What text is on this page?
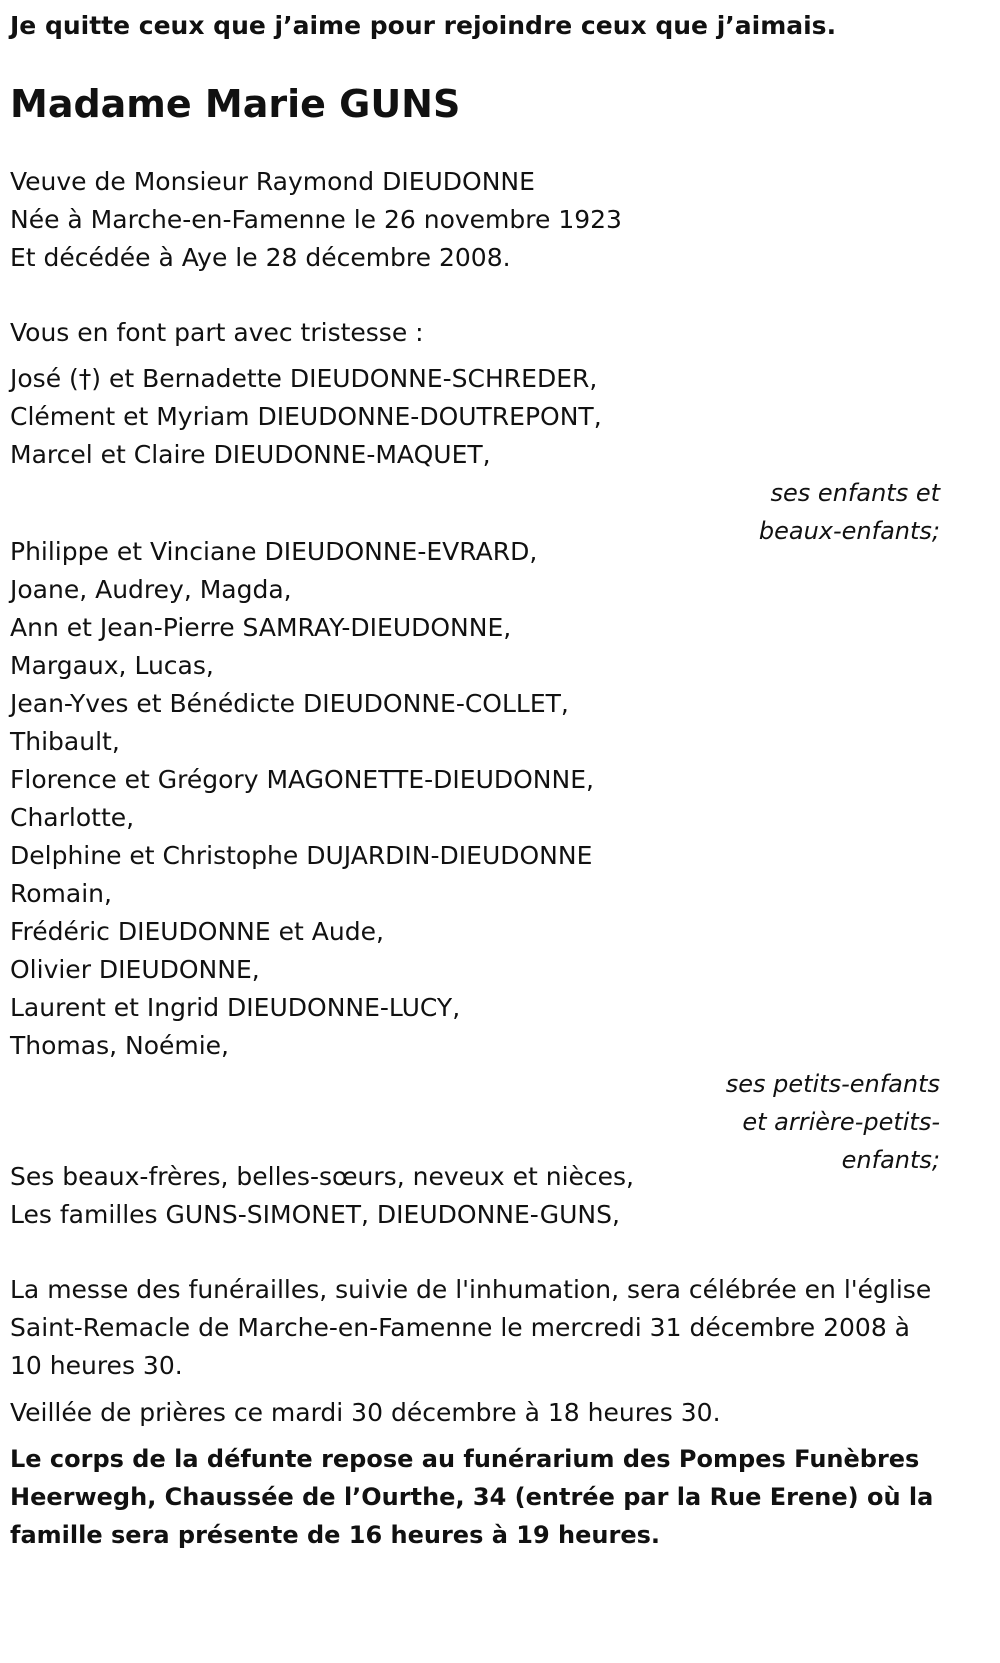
Je quitte ceux que j’aime pour rejoindre ceux que j’aimais.
Madame Marie GUNS
Veuve de Monsieur Raymond DIEUDONNE
Née à Marche-en-Famenne le 26 novembre 1923
Et décédée à Aye le 28 décembre 2008.
Vous en font part avec tristesse :
José (†) et Bernadette DIEUDONNE-SCHREDER,
Clément et Myriam DIEUDONNE-DOUTREPONT,
Marcel et Claire DIEUDONNE-MAQUET,
ses enfants et
beaux-enfants;
Philippe et Vinciane DIEUDONNE-EVRARD,
Joane, Audrey, Magda,
Ann et Jean-Pierre SAMRAY-DIEUDONNE,
Margaux, Lucas,
Jean-Yves et Bénédicte DIEUDONNE-COLLET,
Thibault,
Florence et Grégory MAGONETTE-DIEUDONNE,
Charlotte,
Delphine et Christophe DUJARDIN-DIEUDONNE
Romain,
Frédéric DIEUDONNE et Aude,
Olivier DIEUDONNE,
Laurent et Ingrid DIEUDONNE-LUCY,
Thomas, Noémie,
ses petits-enfants
et arrière-petits-
enfants;
Ses beaux-frères, belles-sœurs, neveux et nièces,
Les familles GUNS-SIMONET, DIEUDONNE-GUNS,
La messe des funérailles, suivie de l'inhumation, sera célébrée en l'église Saint-Remacle de Marche-en-Famenne le mercredi 31 décembre 2008 à 10 heures 30.
Veillée de prières ce mardi 30 décembre à 18 heures 30.
Le corps de la défunte repose au funérarium des Pompes Funèbres Heerwegh, Chaussée de l’Ourthe, 34 (entrée par la Rue Erene) où la famille sera présente de 16 heures à 19 heures.
